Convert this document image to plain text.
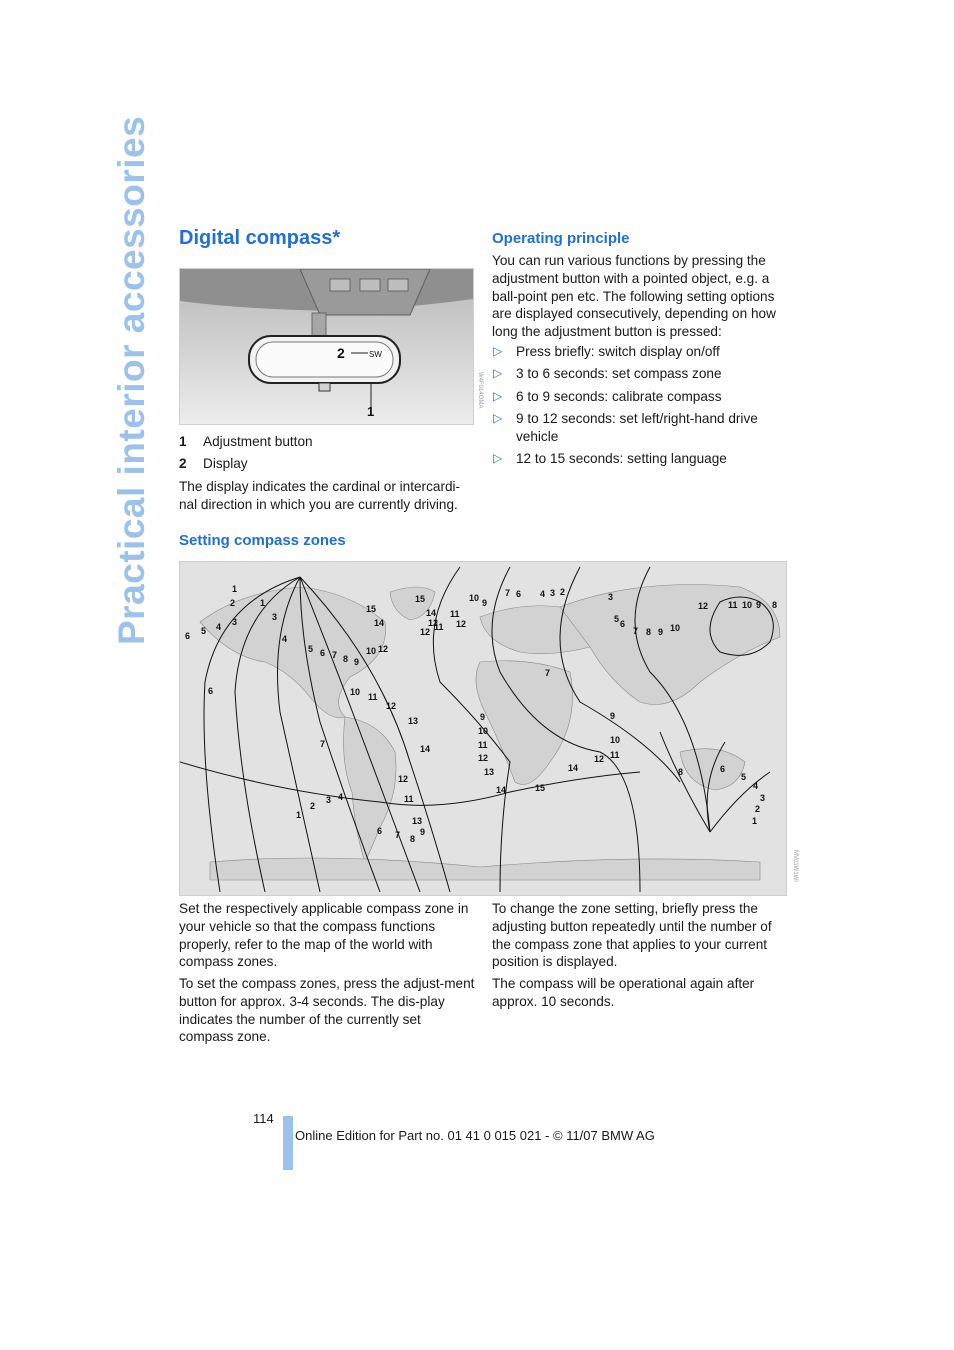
Practical interior accessories Digital compass*
2	SW
1
W4F014OMA
1 Adjustment button
2 Display
The display indicates the cardinal or intercardi-nal direction in which you are currently driving.
Operating principle
You can run various functions by pressing the adjustment button with a pointed object, e.g. a ball-point pen etc. The following setting options are displayed consecutively, depending on how long the adjustment button is pressed:
▷ Press briefly: switch display on/off
▷ 3 to 6 seconds: set compass zone
▷ 6 to 9 seconds: calibrate compass
▷ 9 to 12 seconds: set left/right-hand drive vehicle
▷ 12 to 15 seconds: setting language
Setting compass zones
6 5 4 3
2
1
1
3
6
7
10 11
12
13
14
12
11
13
6 7 8
9
15
14
15
14
12
11
10 9
7 6 4 3 2	3
5 6
7 8 9 10
12 11 10 9 8
7
9
10
11
12
13
14	15
14
12 11
9
10
8	6
5
4
3
2
1
1
2
3 4
12 11 12
4
5 6 7 8 9
10 12
MV01W1Wl
Set the respectively applicable compass zone in your vehicle so that the compass functions properly, refer to the map of the world with compass zones.
To set the compass zones, press the adjust-ment button for approx. 3-4 seconds. The dis-play indicates the number of the currently set compass zone.
To change the zone setting, briefly press the adjusting button repeatedly until the number of the compass zone that applies to your current position is displayed.
The compass will be operational again after approx. 10 seconds.
114
Online Edition for Part no. 01 41 0 015 021 - © 11/07 BMW AG
